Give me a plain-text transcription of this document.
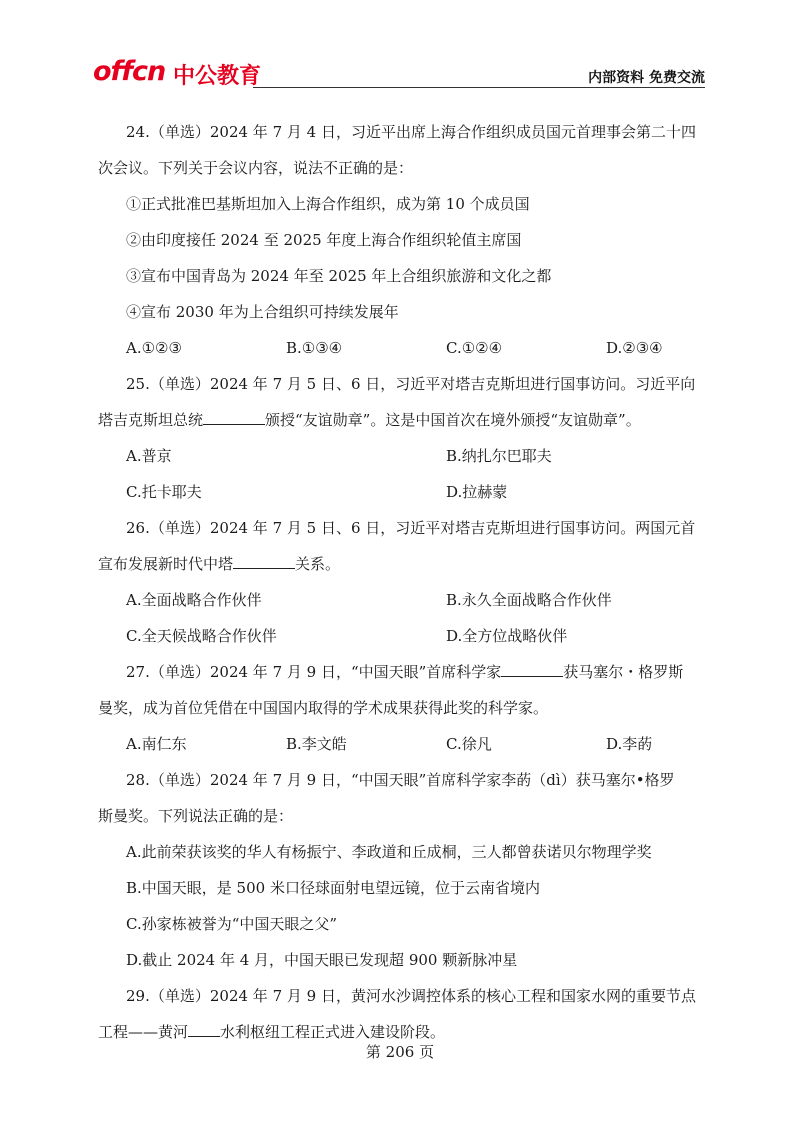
offcn 中公教育	内部资料 免费交流
24.（单选）2024 年 7 月 4 日，习近平出席上海合作组织成员国元首理事会第二十四
次会议。下列关于会议内容，说法不正确的是：
①正式批准巴基斯坦加入上海合作组织，成为第 10 个成员国
②由印度接任 2024 至 2025 年度上海合作组织轮值主席国
③宣布中国青岛为 2024 年至 2025 年上合组织旅游和文化之都
④宣布 2030 年为上合组织可持续发展年
A.①②③	B.①③④	C.①②④	D.②③④
25.（单选）2024 年 7 月 5 日、6 日，习近平对塔吉克斯坦进行国事访问。习近平向
塔吉克斯坦总统	颁授“友谊勋章”。这是中国首次在境外颁授“友谊勋章”。
A.普京	B.纳扎尔巴耶夫
C.托卡耶夫	D.拉赫蒙
26.（单选）2024 年 7 月 5 日、6 日，习近平对塔吉克斯坦进行国事访问。两国元首
宣布发展新时代中塔	关系。
A.全面战略合作伙伴	B.永久全面战略合作伙伴
C.全天候战略合作伙伴	D.全方位战略伙伴
27.（单选）2024 年 7 月 9 日，“中国天眼”首席科学家	获马塞尔・格罗斯
曼奖，成为首位凭借在中国国内取得的学术成果获得此奖的科学家。
A.南仁东	B.李文皓	C.徐凡	D.李菂
28.（单选）2024 年 7 月 9 日，“中国天眼”首席科学家李菂（dì）获马塞尔•格罗
斯曼奖。下列说法正确的是：
A.此前荣获该奖的华人有杨振宁、李政道和丘成桐，三人都曾获诺贝尔物理学奖
B.中国天眼，是 500 米口径球面射电望远镜，位于云南省境内
C.孙家栋被誉为“中国天眼之父”
D.截止 2024 年 4 月，中国天眼已发现超 900 颗新脉冲星
29.（单选）2024 年 7 月 9 日，黄河水沙调控体系的核心工程和国家水网的重要节点
工程——黄河 水利枢纽工程正式进入建设阶段。
第 206 页
